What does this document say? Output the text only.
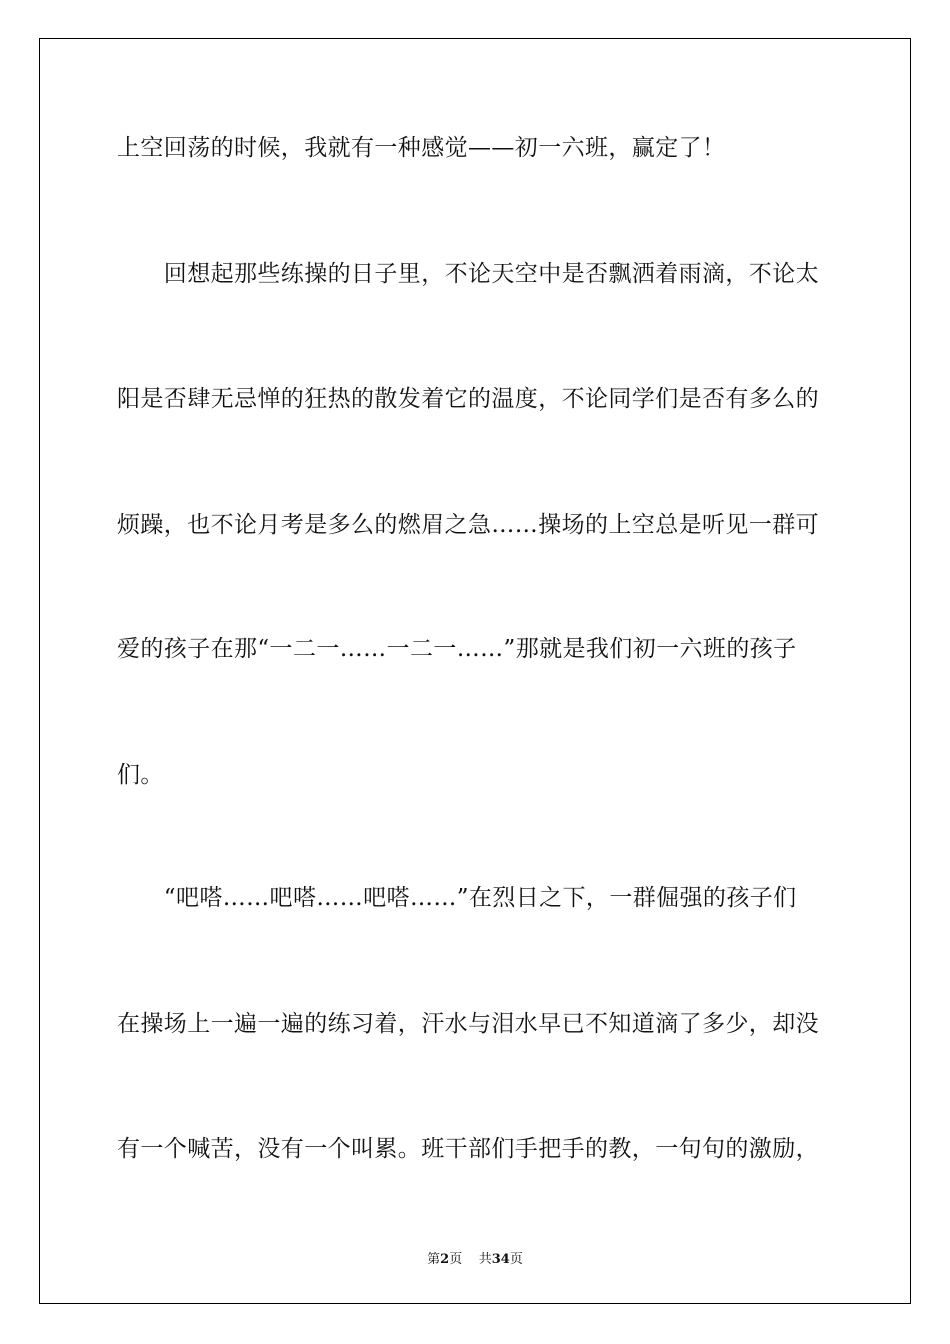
上空回荡的时候，我就有一种感觉——初一六班，赢定了！
　　回想起那些练操的日子里，不论天空中是否飘洒着雨滴，不论太
阳是否肆无忌惮的狂热的散发着它的温度，不论同学们是否有多么的
烦躁，也不论月考是多么的燃眉之急……操场的上空总是听见一群可
爱的孩子在那“一二一……一二一……”那就是我们初一六班的孩子
们。
　　“吧嗒……吧嗒……吧嗒……”在烈日之下，一群倔强的孩子们
在操场上一遍一遍的练习着，汗水与泪水早已不知道滴了多少，却没
有一个喊苦，没有一个叫累。班干部们手把手的教，一句句的激励，
第2页 共34页
